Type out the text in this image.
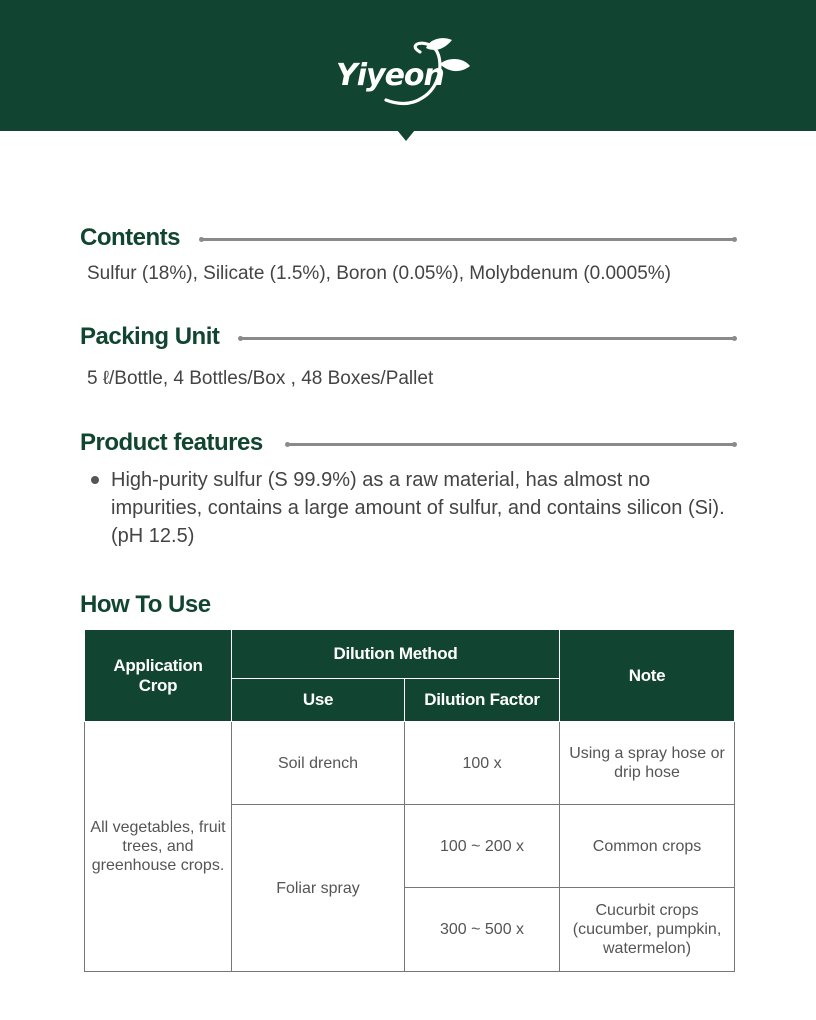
Yiyeon
Contents
Sulfur (18%), Silicate (1.5%), Boron (0.05%), Molybdenum (0.0005%)
Packing Unit
5 ℓ/Bottle, 4 Bottles/Box , 48 Boxes/Pallet
Product features
High-purity sulfur (S 99.9%) as a raw material, has almost no impurities, contains a large amount of sulfur, and contains silicon (Si). (pH 12.5)
How To Use
Application Crop	Dilution Method		Note
	Use	Dilution Factor	
All vegetables, fruit trees, and greenhouse crops.	Soil drench	100 x	Using a spray hose or drip hose
	Foliar spray	100 ~ 200 x	Common crops
		300 ~ 500 x	Cucurbit crops (cucumber, pumpkin, watermelon)
